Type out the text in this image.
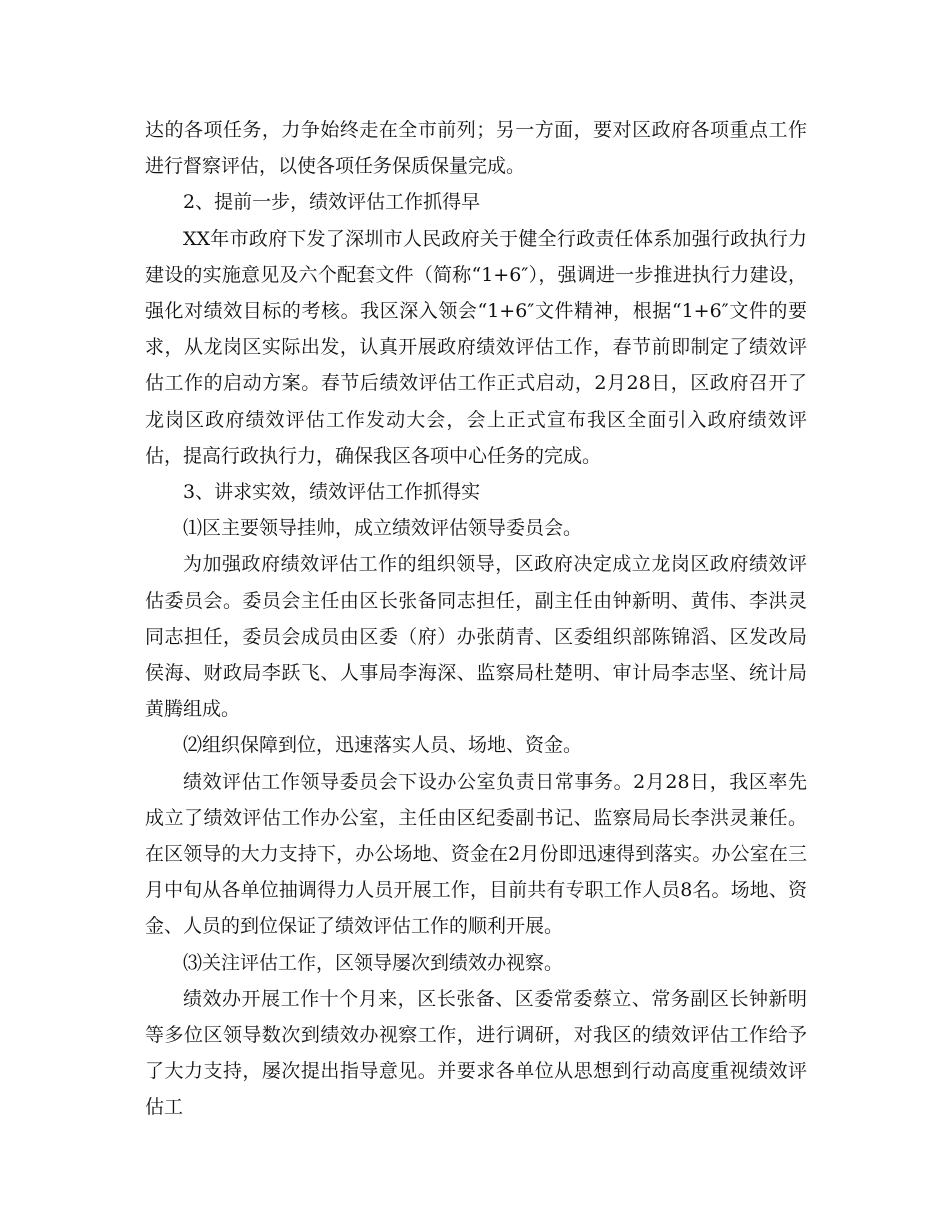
达的各项任务，力争始终走在全市前列；另一方面，要对区政府各项重点工作进行督察评估，以使各项任务保质保量完成。

2、提前一步，绩效评估工作抓得早

XX年市政府下发了深圳市人民政府关于健全行政责任体系加强行政执行力建设的实施意见及六个配套文件（简称“1+6″），强调进一步推进执行力建设，强化对绩效目标的考核。我区深入领会“1+6″文件精神，根据“1+6″文件的要求，从龙岗区实际出发，认真开展政府绩效评估工作，春节前即制定了绩效评估工作的启动方案。春节后绩效评估工作正式启动，2月28日，区政府召开了龙岗区政府绩效评估工作发动大会，会上正式宣布我区全面引入政府绩效评估，提高行政执行力，确保我区各项中心任务的完成。

3、讲求实效，绩效评估工作抓得实

⑴区主要领导挂帅，成立绩效评估领导委员会。

为加强政府绩效评估工作的组织领导，区政府决定成立龙岗区政府绩效评估委员会。委员会主任由区长张备同志担任，副主任由钟新明、黄伟、李洪灵同志担任，委员会成员由区委（府）办张荫青、区委组织部陈锦滔、区发改局侯海、财政局李跃飞、人事局李海深、监察局杜楚明、审计局李志坚、统计局黄腾组成。

⑵组织保障到位，迅速落实人员、场地、资金。

绩效评估工作领导委员会下设办公室负责日常事务。2月28日，我区率先成立了绩效评估工作办公室，主任由区纪委副书记、监察局局长李洪灵兼任。在区领导的大力支持下，办公场地、资金在2月份即迅速得到落实。办公室在三月中旬从各单位抽调得力人员开展工作，目前共有专职工作人员8名。场地、资金、人员的到位保证了绩效评估工作的顺利开展。

⑶关注评估工作，区领导屡次到绩效办视察。

绩效办开展工作十个月来，区长张备、区委常委蔡立、常务副区长钟新明等多位区领导数次到绩效办视察工作，进行调研，对我区的绩效评估工作给予了大力支持，屡次提出指导意见。并要求各单位从思想到行动高度重视绩效评估工
